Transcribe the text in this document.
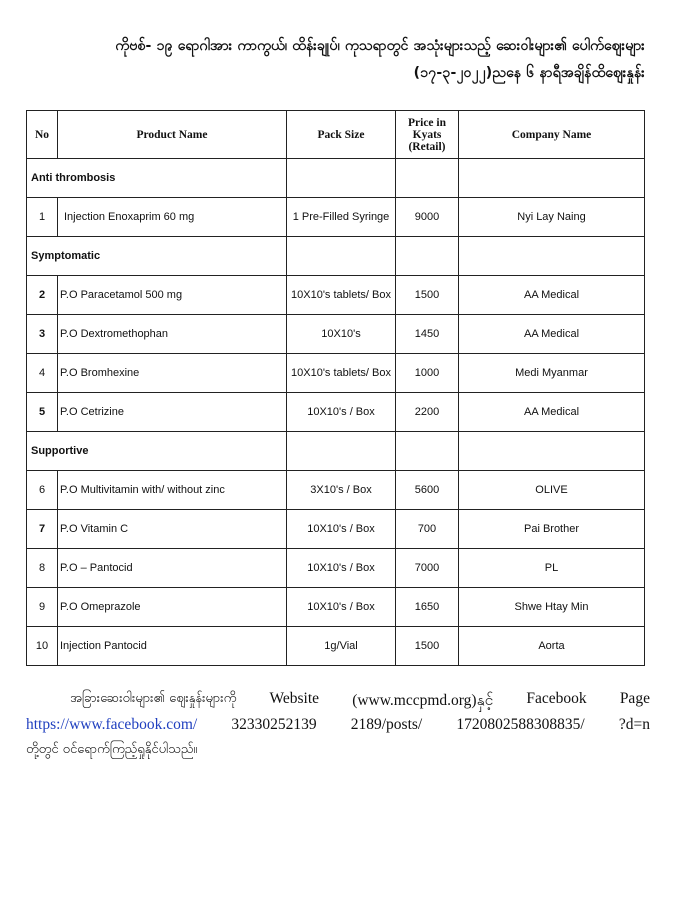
ကိုဗစ်- ၁၉ ရောဂါအား ကာကွယ်၊ ထိန်းချုပ်၊ ကုသရာတွင် အသုံးများသည့် ဆေးဝါးများ၏ ပေါက်ဈေးများ
(၁၇-၃-၂၀၂၂)ညနေ ၆ နာရီအချိန်ထိဈေးနှုန်း
No	Product Name	Pack Size	Price in Kyats (Retail)	Company Name
Anti thrombosis				
1	Injection Enoxaprim 60 mg	1 Pre-Filled Syringe	9000	Nyi Lay Naing
Symptomatic				
2	P.O Paracetamol 500 mg	10X10's tablets/ Box	1500	AA Medical
3	P.O Dextromethophan	10X10's	1450	AA Medical
4	P.O Bromhexine	10X10's tablets/ Box	1000	Medi Myanmar
5	P.O Cetrizine	10X10's / Box	2200	AA Medical
Supportive				
6	P.O Multivitamin with/ without zinc	3X10's / Box	5600	OLIVE
7	P.O Vitamin C	10X10's / Box	700	Pai Brother
8	P.O – Pantocid	10X10's / Box	7000	PL
9	P.O Omeprazole	10X10's / Box	1650	Shwe Htay Min
10	Injection Pantocid	1g/Vial	1500	Aorta
အခြားဆေးဝါးများ၏ ဈေးနှုန်းများကို Website (www.mccpmd.org)နှင့် Facebook Page
https://www.facebook.com/ 32330252139 2189/posts/ 1720802588308835/ ?d=n
တို့တွင် ဝင်ရောက်ကြည့်ရှုနိုင်ပါသည်။
